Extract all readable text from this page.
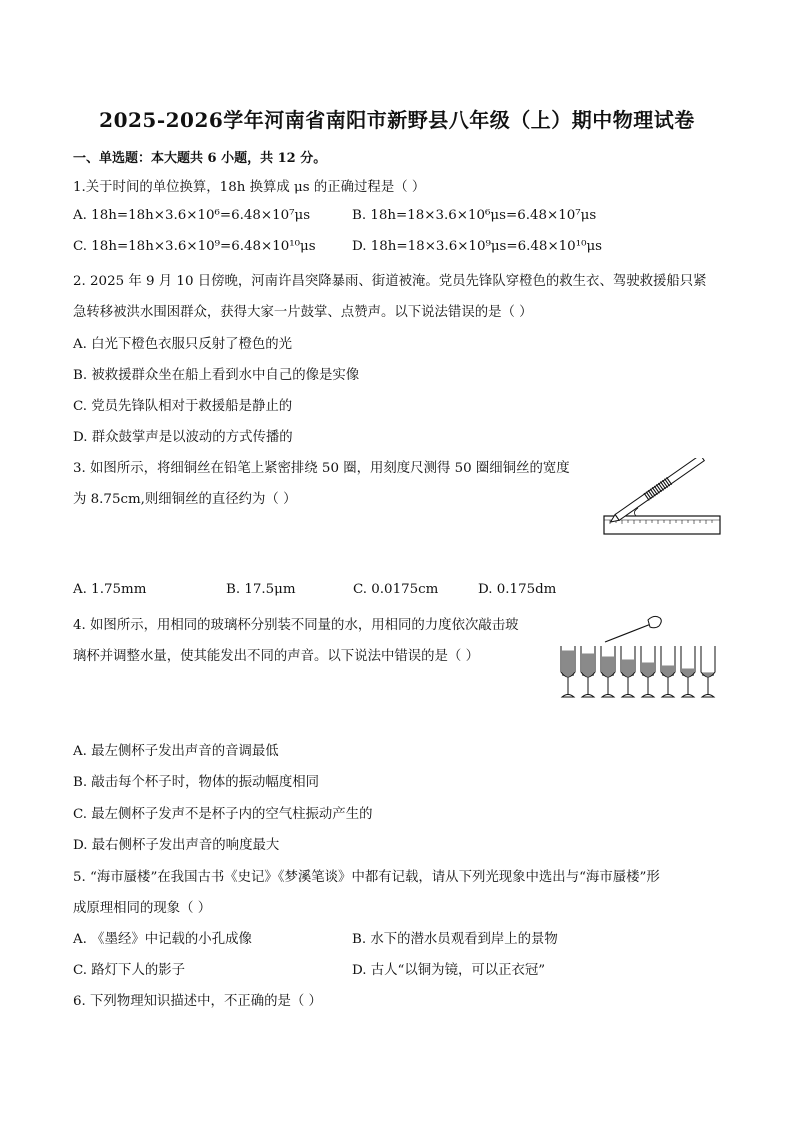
2025-2026学年河南省南阳市新野县八年级（上）期中物理试卷
一、单选题：本大题共 6 小题，共 12 分。
1.关于时间的单位换算，18h 换算成 μs 的正确过程是（ ）
A. 18h=18h×3.6×10⁶=6.48×10⁷μs	B. 18h=18×3.6×10⁶μs=6.48×10⁷μs
C. 18h=18h×3.6×10⁹=6.48×10¹⁰μs	D. 18h=18×3.6×10⁹μs=6.48×10¹⁰μs
2. 2025 年 9 月 10 日傍晚，河南许昌突降暴雨、街道被淹。党员先锋队穿橙色的救生衣、驾驶救援船只紧
急转移被洪水围困群众，获得大家一片鼓掌、点赞声。以下说法错误的是（ ）
A. 白光下橙色衣服只反射了橙色的光
B. 被救援群众坐在船上看到水中自己的像是实像
C. 党员先锋队相对于救援船是静止的
D. 群众鼓掌声是以波动的方式传播的
3. 如图所示，将细铜丝在铅笔上紧密排绕 50 圈，用刻度尺测得 50 圈细铜丝的宽度
为 8.75cm,则细铜丝的直径约为（ ）
A. 1.75mm	B. 17.5μm	C. 0.0175cm	D. 0.175dm
4. 如图所示，用相同的玻璃杯分别装不同量的水，用相同的力度依次敲击玻
璃杯并调整水量，使其能发出不同的声音。以下说法中错误的是（ ）
A. 最左侧杯子发出声音的音调最低
B. 敲击每个杯子时，物体的振动幅度相同
C. 最左侧杯子发声不是杯子内的空气柱振动产生的
D. 最右侧杯子发出声音的响度最大
5. “海市蜃楼”在我国古书《史记》《梦溪笔谈》中都有记载，请从下列光现象中选出与“海市蜃楼”形
成原理相同的现象（ ）
A. 《墨经》中记载的小孔成像	B. 水下的潜水员观看到岸上的景物
C. 路灯下人的影子	D. 古人“以铜为镜，可以正衣冠”
6. 下列物理知识描述中，不正确的是（ ）
